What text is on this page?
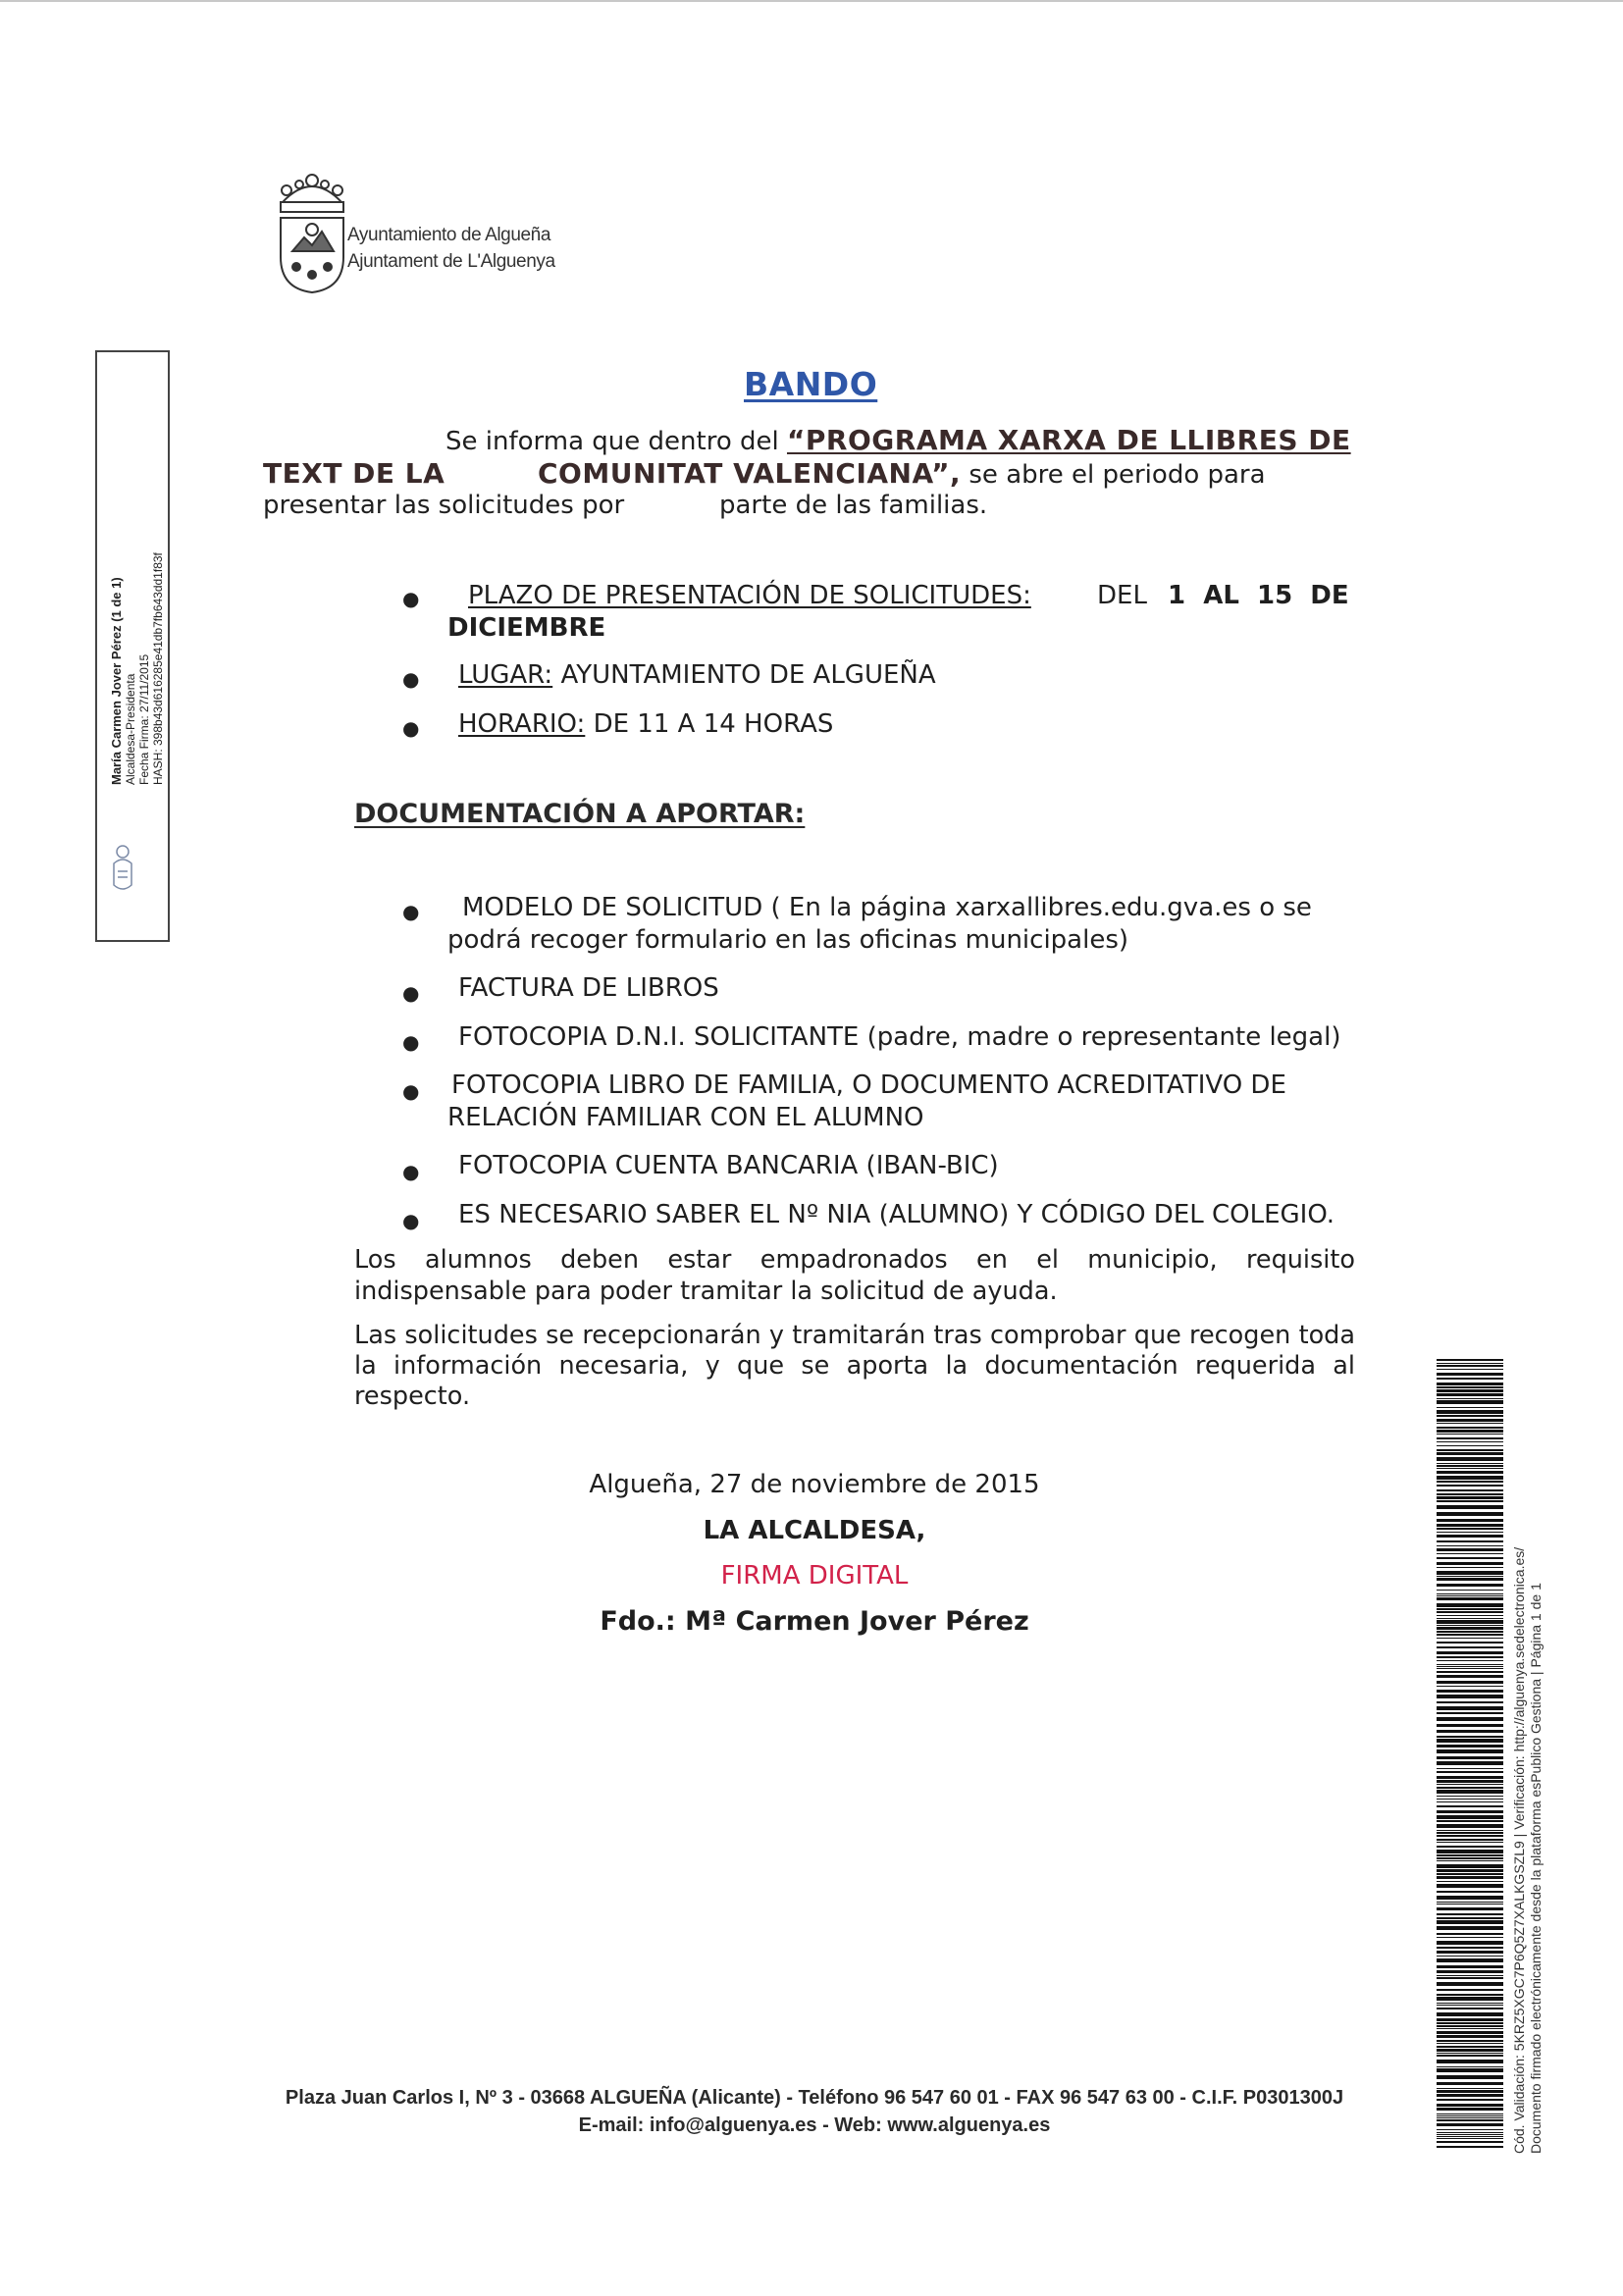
Ayuntamiento de Algueña
Ajuntament de L'Alguenya
María Carmen Jover Pérez (1 de 1) Alcaldesa-Presidenta Fecha Firma: 27/11/2015 HASH: 398b43d616285e41db7fb643dd1f83f
BANDO
Se informa que dentro del “PROGRAMA XARXA DE LLIBRES DE
TEXT DE LA	COMUNITAT VALENCIANA”, se abre el periodo para
presentar las solicitudes por	parte de las familias.
● PLAZO DE PRESENTACIÓN DE SOLICITUDES:	DEL 1  AL  15  DE
DICIEMBRE
● LUGAR: AYUNTAMIENTO DE ALGUEÑA
● HORARIO: DE 11 A 14 HORAS
DOCUMENTACIÓN A APORTAR:
● MODELO DE SOLICITUD ( En la página xarxallibres.edu.gva.es o se
podrá recoger formulario en las oficinas municipales)
● FACTURA DE LIBROS
● FOTOCOPIA D.N.I. SOLICITANTE (padre, madre o representante legal)
● FOTOCOPIA LIBRO DE FAMILIA, O DOCUMENTO ACREDITATIVO DE
RELACIÓN FAMILIAR CON EL ALUMNO
● FOTOCOPIA CUENTA BANCARIA (IBAN-BIC)
● ES NECESARIO SABER EL Nº NIA (ALUMNO) Y CÓDIGO DEL COLEGIO.
Los alumnos deben estar empadronados en el municipio, requisito indispensable para poder tramitar la solicitud de ayuda.
Las solicitudes se recepcionarán y tramitarán tras comprobar que recogen toda la información necesaria, y que se aporta la documentación requerida al respecto.
Algueña, 27 de noviembre de 2015
LA ALCALDESA,
FIRMA DIGITAL
Fdo.: Mª Carmen Jover Pérez
Plaza Juan Carlos I, Nº 3 - 03668 ALGUEÑA (Alicante) - Teléfono 96 547 60 01 - FAX 96 547 63 00 - C.I.F. P0301300J
E-mail: info@alguenya.es - Web: www.alguenya.es	Cód. Validación: 5KRZ5XGC7P6Q5Z7XALKGSZL9 | Verificación: http://alguenya.sedelectronica.es/ Documento firmado electrónicamente desde la plataforma esPublico Gestiona | Página 1 de 1
